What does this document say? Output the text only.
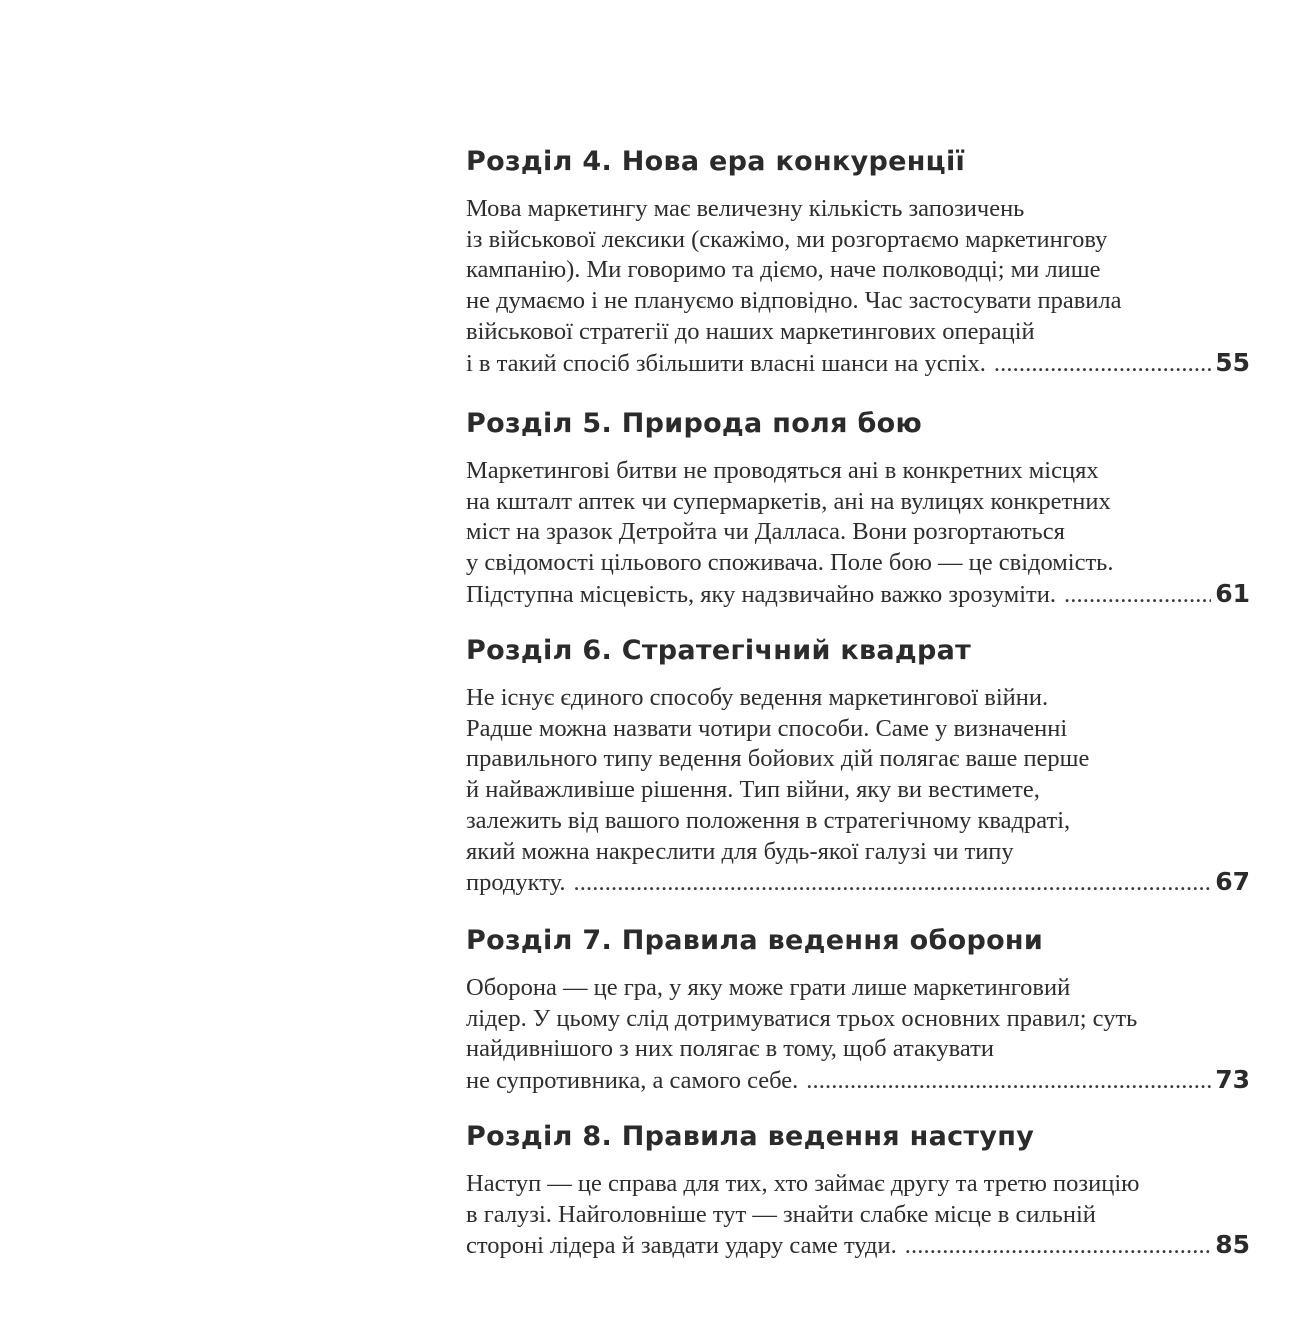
Розділ 4. Нова ера конкуренції

Мова маркетингу має величезну кількість запозичень
із військової лексики (скажімо, ми розгортаємо маркетингову
кампанію). Ми говоримо та діємо, наче полководці; ми лише
не думаємо і не плануємо відповідно. Час застосувати правила
військової стратегії до наших маркетингових операцій
і в такий спосіб збільшити власні шанси на успіх. . . .	55

Розділ 5. Природа поля бою

Маркетингові битви не проводяться ані в конкретних місцях
на кшталт аптек чи супермаркетів, ані на вулицях конкретних
міст на зразок Детройта чи Далласа. Вони розгортаються
у свідомості цільового споживача. Поле бою — це свідомість.
Підступна місцевість, яку надзвичайно важко зрозуміти. . . .	61

Розділ 6. Стратегічний квадрат

Не існує єдиного способу ведення маркетингової війни.
Радше можна назвати чотири способи. Саме у визначенні
правильного типу ведення бойових дій полягає ваше перше
й найважливіше рішення. Тип війни, яку ви вестимете,
залежить від вашого положення в стратегічному квадраті,
який можна накреслити для будь-якої галузі чи типу
продукту. . . .	67

Розділ 7. Правила ведення оборони

Оборона — це гра, у яку може грати лише маркетинговий
лідер. У цьому слід дотримуватися трьох основних правил; суть
найдивнішого з них полягає в тому, щоб атакувати
не супротивника, а самого себе. . . .	73

Розділ 8. Правила ведення наступу

Наступ — це справа для тих, хто займає другу та третю позицію
в галузі. Найголовніше тут — знайти слабке місце в сильній
стороні лідера й завдати удару саме туди. . . .	85
